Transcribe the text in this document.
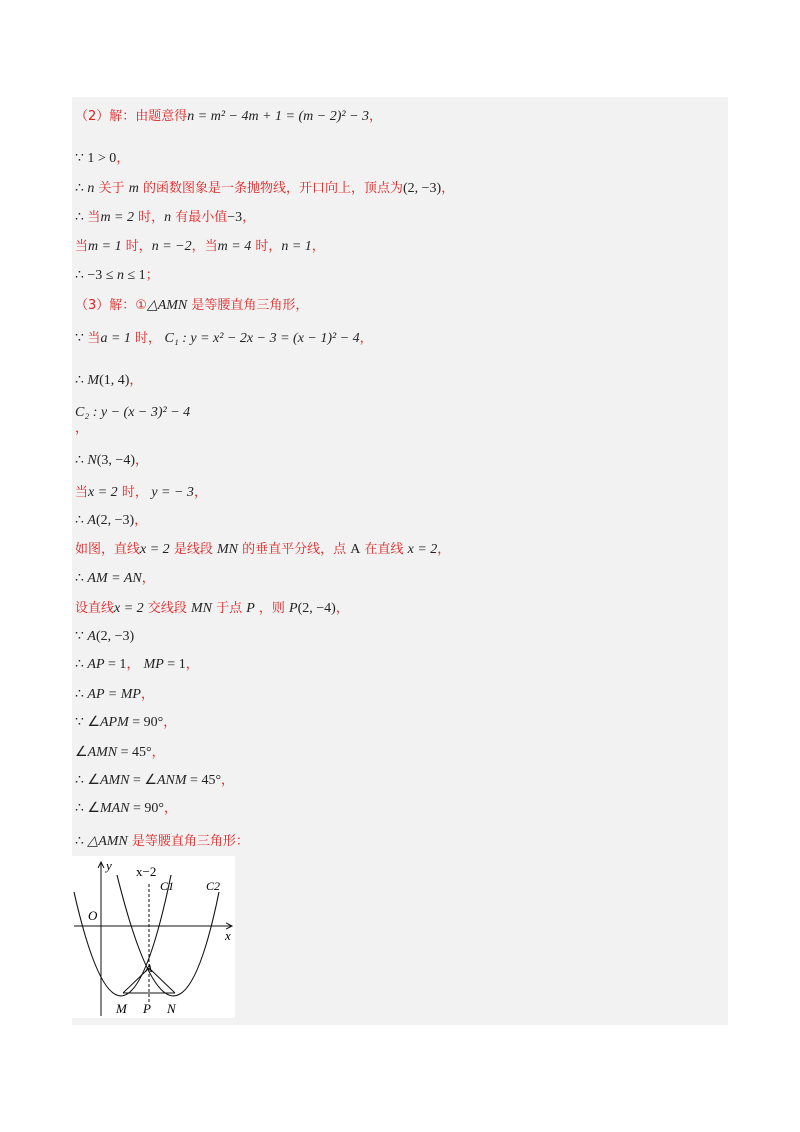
（2）解：由题意得n = m² − 4m + 1 = (m − 2)² − 3，
∵ 1 > 0，
∴ n 关于 m 的函数图象是一条抛物线，开口向上，顶点为(2, −3)，
∴ 当m = 2 时，n 有最小值−3，
当m = 1 时，n = −2，当m = 4 时，n = 1，
∴ −3 ≤ n ≤ 1；
（3）解：①△AMN 是等腰直角三角形，
∵ 当a = 1 时， C₁ : y = x² − 2x − 3 = (x − 1)² − 4，
∴ M(1, 4)，
C₂ : y − (x − 3)² − 4
，
∴ N(3, −4)，
当x = 2 时， y = − 3，
∴ A(2, −3)，
如图，直线x = 2 是线段 MN 的垂直平分线，点 A 在直线 x = 2，
∴ AM = AN，
设直线x = 2 交线段 MN 于点 P ，则 P(2, −4)，
∵ A(2, −3)
∴ AP = 1， MP = 1，
∴ AP = MP，
∵ ∠APM = 90°，
∠AMN = 45°，
∴ ∠AMN = ∠ANM = 45°，
∴ ∠MAN = 90°，
∴ △AMN 是等腰直角三角形：
y
x
O
x−2
C1	C2
A
M P N
